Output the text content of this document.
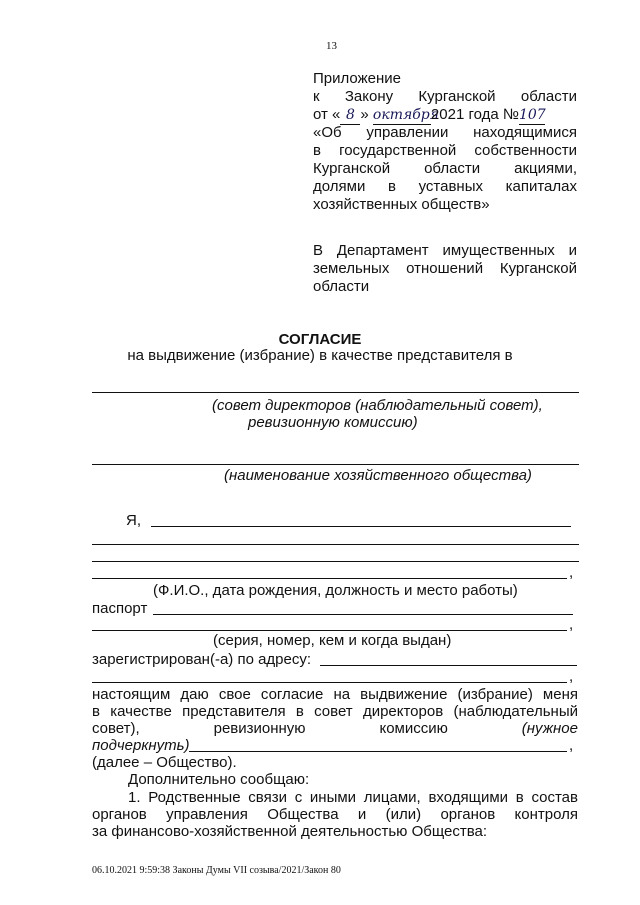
13
Приложение
к Закону Курганской области
от « 8 » октября2021 года №107
«Об управлении находящимися
в государственной собственности
Курганской области акциями,
долями в уставных капиталах
хозяйственных обществ»
В Департамент имущественных и
земельных отношений Курганской
области
СОГЛАСИЕ
на выдвижение (избрание) в качестве представителя в
(совет директоров (наблюдательный совет),
ревизионную комиссию)
(наименование хозяйственного общества)
Я,
,
(Ф.И.О., дата рождения, должность и место работы)
паспорт
,
(серия, номер, кем и когда выдан)
зарегистрирован(-а) по адресу:
,
настоящим даю свое согласие на выдвижение (избрание) меня
в качестве представителя в совет директоров (наблюдательный
совет),	ревизионную	комиссию	(нужное
подчеркнуть)	,
(далее – Общество).
Дополнительно сообщаю:
1. Родственные связи с иными лицами, входящими в состав
органов управления Общества и (или) органов контроля
за финансово-хозяйственной деятельностью Общества:
06.10.2021 9:59:38 Законы Думы VII созыва/2021/Закон 80
